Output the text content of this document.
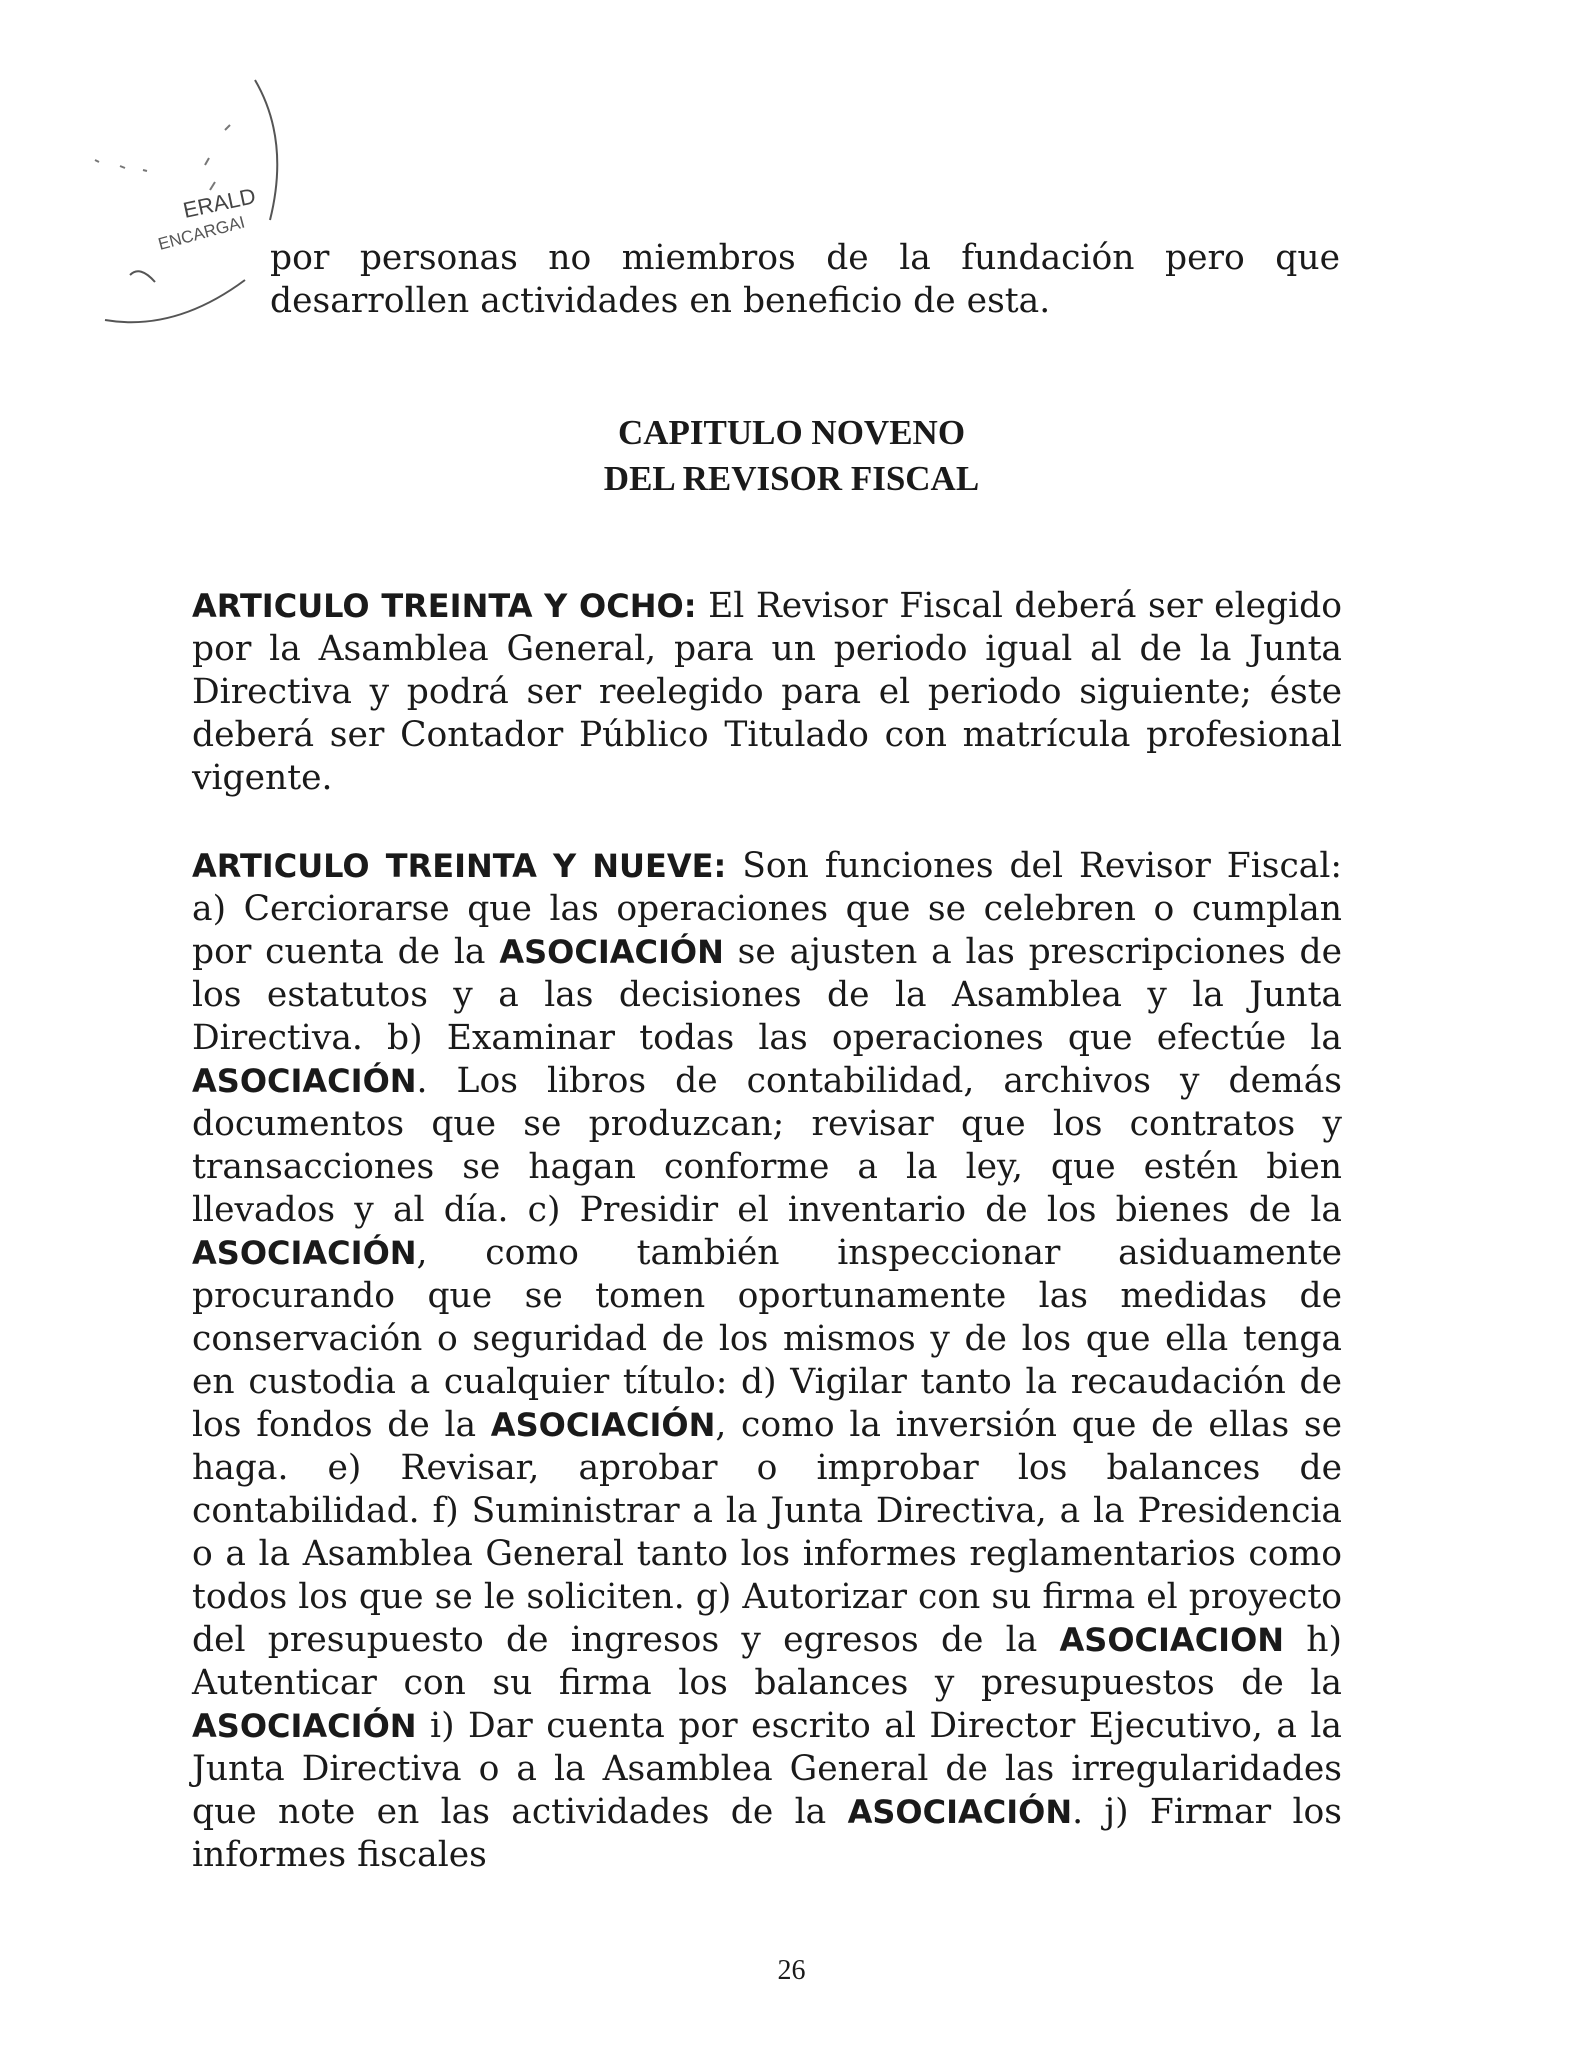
ERALD
ENCARGAI
por personas no miembros de la fundación pero que desarrollen actividades en beneficio de esta.
CAPITULO NOVENO
DEL REVISOR FISCAL
ARTICULO TREINTA Y OCHO: El Revisor Fiscal deberá ser elegido por la Asamblea General, para un periodo igual al de la Junta Directiva y podrá ser reelegido para el periodo siguiente; éste deberá ser Contador Público Titulado con matrícula profesional vigente.
ARTICULO TREINTA Y NUEVE: Son funciones del Revisor Fiscal: a) Cerciorarse que las operaciones que se celebren o cumplan por cuenta de la ASOCIACIÓN se ajusten a las prescripciones de los estatutos y a las decisiones de la Asamblea y la Junta Directiva. b) Examinar todas las operaciones que efectúe la ASOCIACIÓN. Los libros de contabilidad, archivos y demás documentos que se produzcan; revisar que los contratos y transacciones se hagan conforme a la ley, que estén bien llevados y al día. c) Presidir el inventario de los bienes de la ASOCIACIÓN, como también inspeccionar asiduamente procurando que se tomen oportunamente las medidas de conservación o seguridad de los mismos y de los que ella tenga en custodia a cualquier título: d) Vigilar tanto la recaudación de los fondos de la ASOCIACIÓN, como la inversión que de ellas se haga. e) Revisar, aprobar o improbar los balances de contabilidad. f) Suministrar a la Junta Directiva, a la Presidencia o a la Asamblea General tanto los informes reglamentarios como todos los que se le soliciten. g) Autorizar con su firma el proyecto del presupuesto de ingresos y egresos de la ASOCIACION h) Autenticar con su firma los balances y presupuestos de la ASOCIACIÓN i) Dar cuenta por escrito al Director Ejecutivo, a la Junta Directiva o a la Asamblea General de las irregularidades que note en las actividades de la ASOCIACIÓN. j) Firmar los informes fiscales
26
